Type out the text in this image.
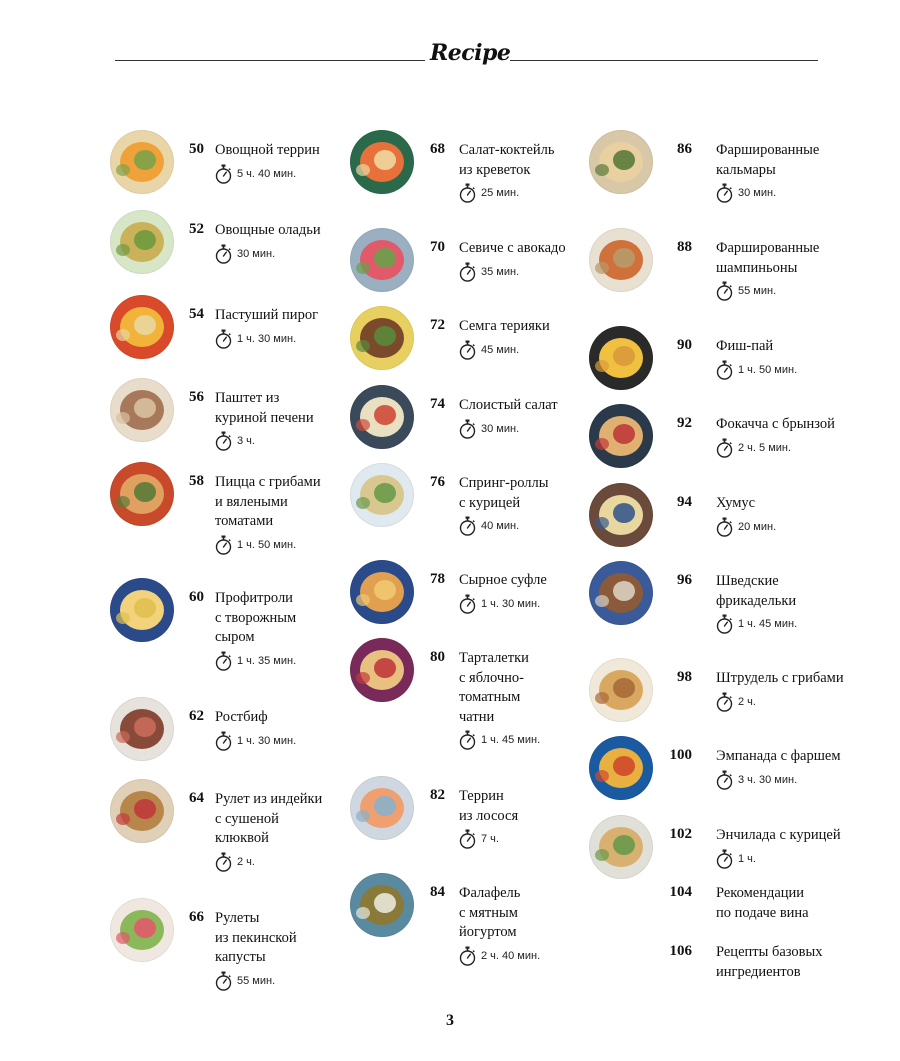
Recipe
50 Овощной террин
5 ч. 40 мин.
52 Овощные оладьи
30 мин.
54 Пастуший пирог
1 ч. 30 мин.
56 Паштет из
куриной печени
3 ч.
58 Пицца с грибами
и вялеными
томатами
1 ч. 50 мин.
60 Профитроли
с творожным
сыром
1 ч. 35 мин.
62 Ростбиф
1 ч. 30 мин.
64 Рулет из индейки
с сушеной
клюквой
2 ч.
66 Рулеты
из пекинской
капусты
55 мин.
68 Салат-коктейль
из креветок
25 мин.
70 Севиче с авокадо
35 мин.
72 Семга терияки
45 мин.
74 Слоистый салат
30 мин.
76 Спринг-роллы
с курицей
40 мин.
78 Сырное суфле
1 ч. 30 мин.
80 Тарталетки
с яблочно-
томатным
чатни
1 ч. 45 мин.
82 Террин
из лосося
7 ч.
84 Фалафель
с мятным
йогуртом
2 ч. 40 мин.
86 Фаршированные
кальмары
30 мин.
88 Фаршированные
шампиньоны
55 мин.
90 Фиш-пай
1 ч. 50 мин.
92 Фокачча с брынзой
2 ч. 5 мин.
94 Хумус
20 мин.
96 Шведские
фрикадельки
1 ч. 45 мин.
98 Штрудель с грибами
2 ч.
100 Эмпанада с фаршем
3 ч. 30 мин.
102 Энчилада с курицей
1 ч.
104 Рекомендации
по подаче вина
106 Рецепты базовых
ингредиентов
3
